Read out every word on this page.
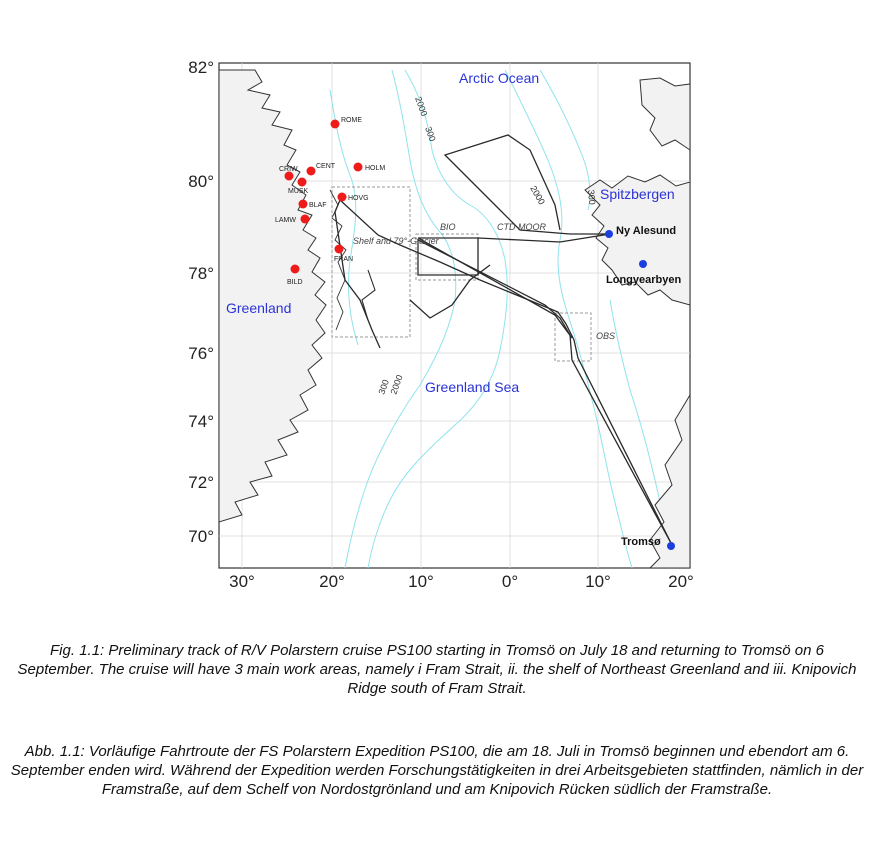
ROME
HOLM
CRIW	CENT
MUSK
HOVG
BLAF
LAMW
FRAN
BILD
Ny Alesund
Longyearbyen
Tromsø
Arctic Ocean
Greenland
Greenland Sea
Spitzbergen
BIO	CTD MOOR
Shelf and 79°-Glacier
OBS
2000
300
2000	300
300
2000
82°
80°
78°
76°
74°
72°
70°
30°	20°	10°	0°	10°	20°
Fig. 1.1: Preliminary track of R/V Polarstern cruise PS100 starting in Tromsö on July 18 and returning to Tromsö on 6 September. The cruise will have 3 main work areas, namely i Fram Strait, ii. the shelf of Northeast Greenland and iii. Knipovich Ridge south of Fram Strait.
Abb. 1.1: Vorläufige Fahrtroute der FS Polarstern Expedition PS100, die am 18. Juli in Tromsö beginnen und ebendort am 6. September enden wird. Während der Expedition werden Forschungstätigkeiten in drei Arbeitsgebieten stattfinden, nämlich in der Framstraße, auf dem Schelf von Nordostgrönland und am Knipovich Rücken südlich der Framstraße.
